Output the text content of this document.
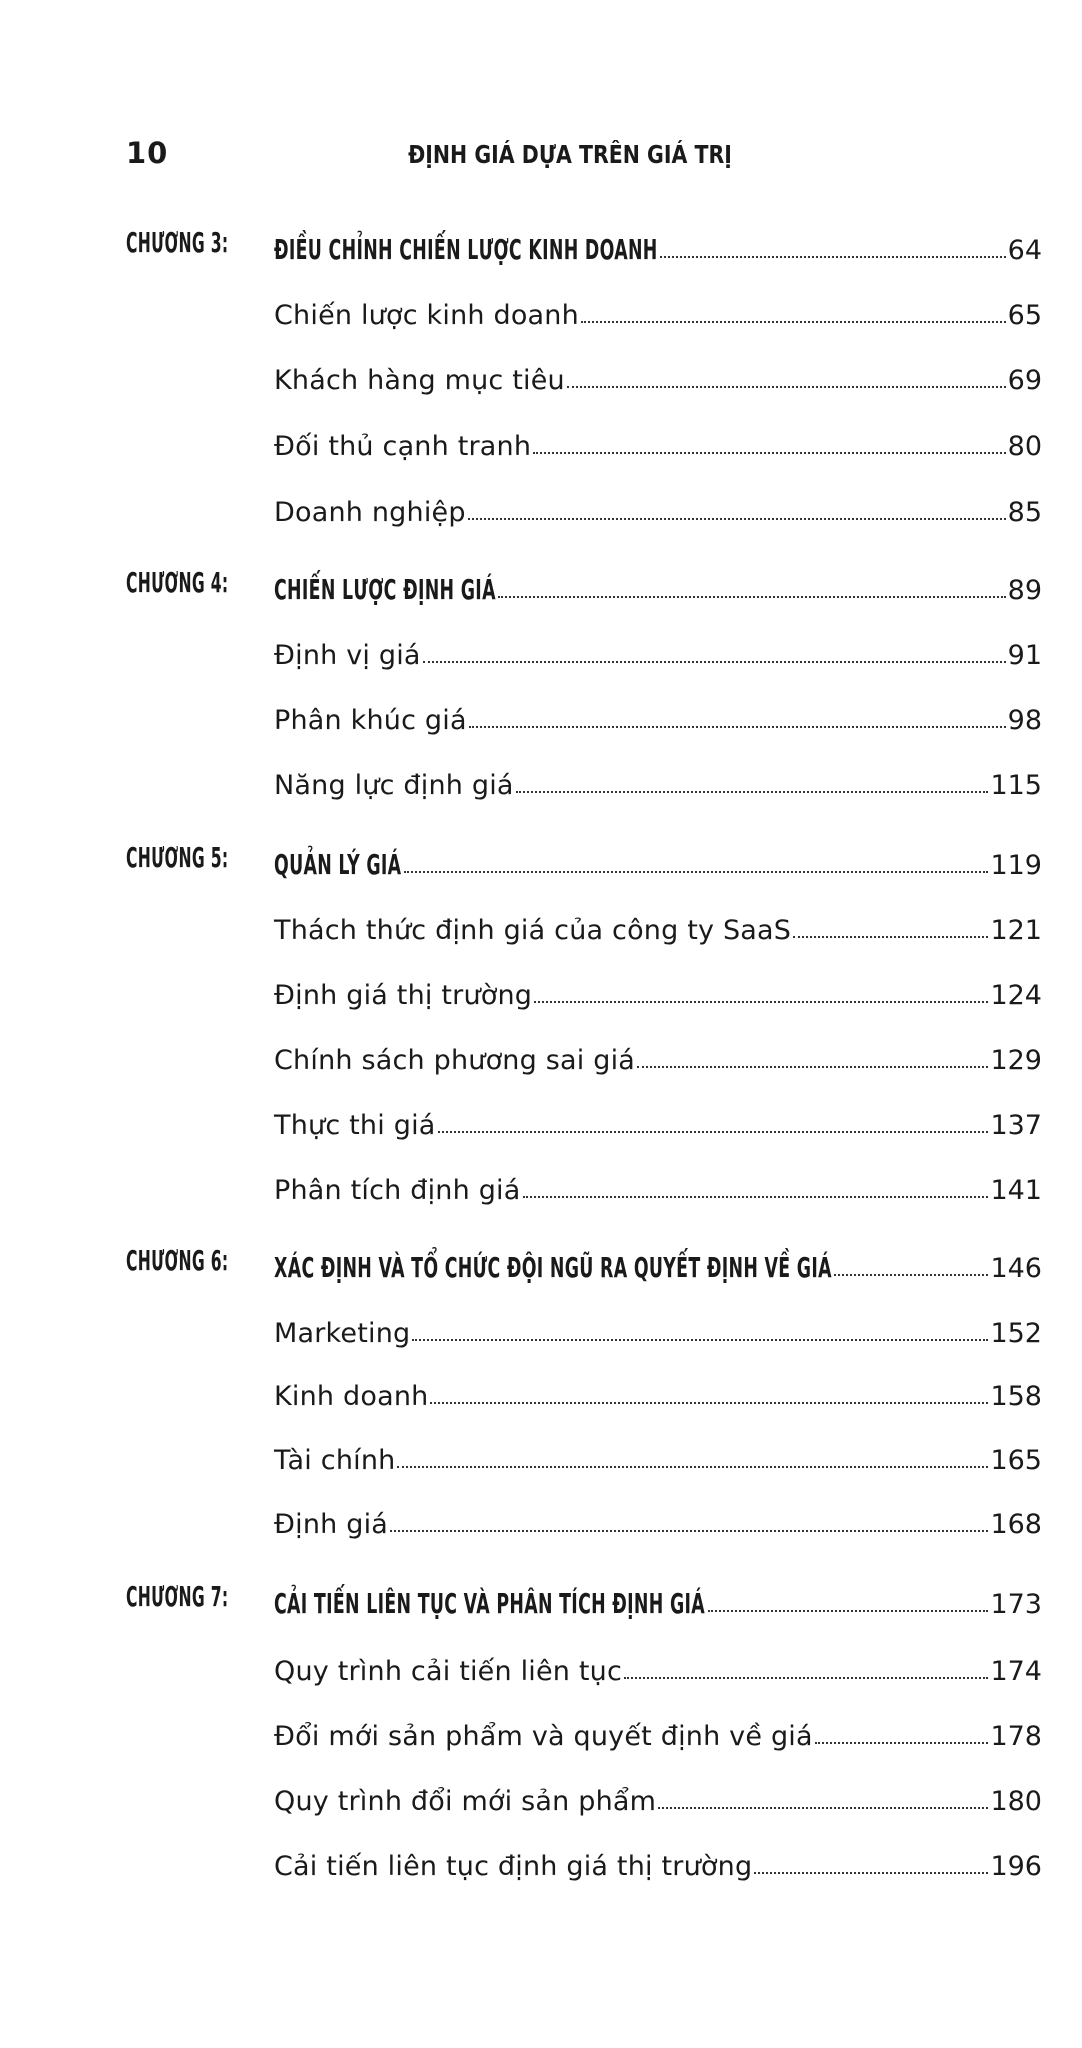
10	ĐỊNH GIÁ DỰA TRÊN GIÁ TRỊ
CHƯƠNG 3: ĐIỀU CHỈNH CHIẾN LƯỢC KINH DOANH	64
Chiến lược kinh doanh	65
Khách hàng mục tiêu	69
Đối thủ cạnh tranh	80
Doanh nghiệp	85
CHƯƠNG 4: CHIẾN LƯỢC ĐỊNH GIÁ	89
Định vị giá	91
Phân khúc giá	98
Năng lực định giá	115
CHƯƠNG 5: QUẢN LÝ GIÁ	119
Thách thức định giá của công ty SaaS	121
Định giá thị trường	124
Chính sách phương sai giá	129
Thực thi giá	137
Phân tích định giá	141
CHƯƠNG 6: XÁC ĐỊNH VÀ TỔ CHỨC ĐỘI NGŨ RA QUYẾT ĐỊNH VỀ GIÁ	146
Marketing	152
Kinh doanh	158
Tài chính	165
Định giá	168
CHƯƠNG 7: CẢI TIẾN LIÊN TỤC VÀ PHÂN TÍCH ĐỊNH GIÁ	173
Quy trình cải tiến liên tục	174
Đổi mới sản phẩm và quyết định về giá	178
Quy trình đổi mới sản phẩm	180
Cải tiến liên tục định giá thị trường	196
